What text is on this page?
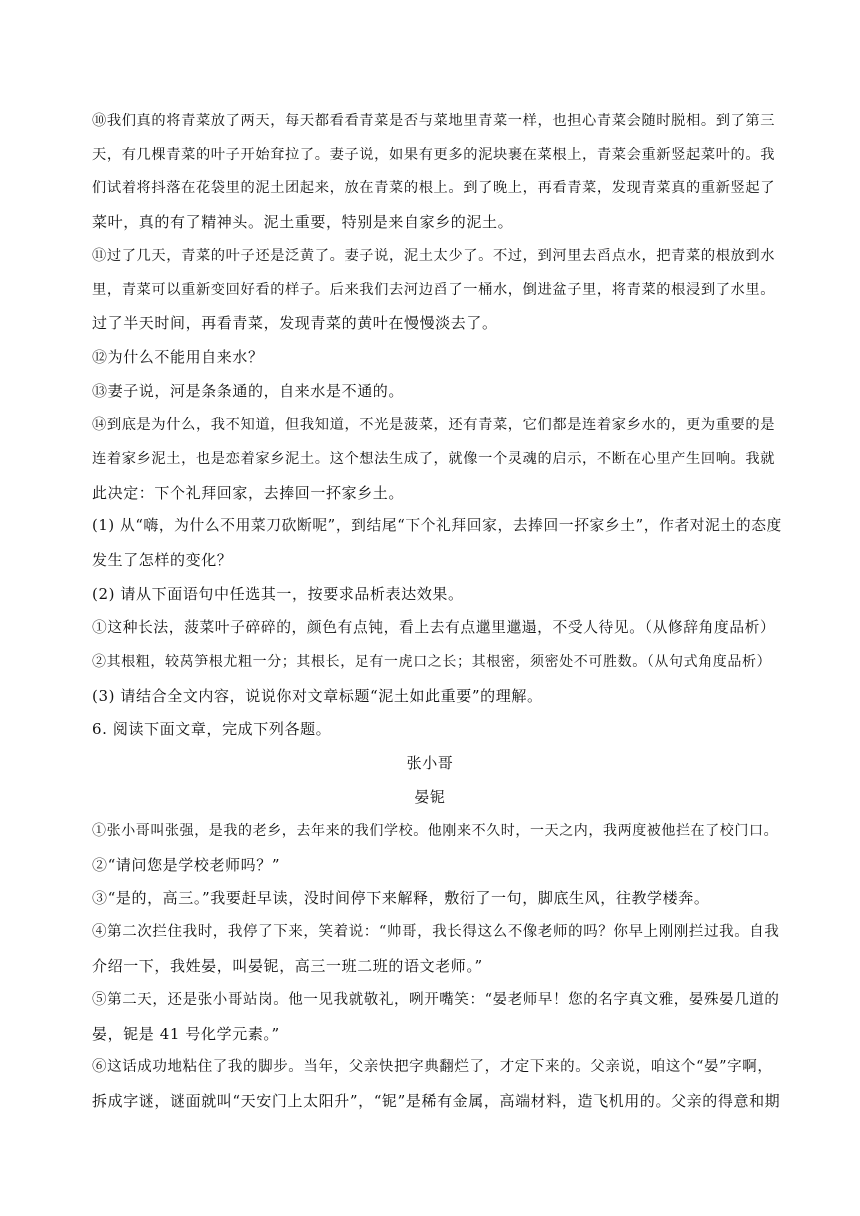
⑩我们真的将青菜放了两天，每天都看看青菜是否与菜地里青菜一样，也担心青菜会随时脱相。到了第三
天，有几棵青菜的叶子开始耷拉了。妻子说，如果有更多的泥块裹在菜根上，青菜会重新竖起菜叶的。我
们试着将抖落在花袋里的泥土团起来，放在青菜的根上。到了晚上，再看青菜，发现青菜真的重新竖起了
菜叶，真的有了精神头。泥土重要，特别是来自家乡的泥土。
⑪过了几天，青菜的叶子还是泛黄了。妻子说，泥土太少了。不过，到河里去舀点水，把青菜的根放到水
里，青菜可以重新变回好看的样子。后来我们去河边舀了一桶水，倒进盆子里，将青菜的根浸到了水里。
过了半天时间，再看青菜，发现青菜的黄叶在慢慢淡去了。
⑫为什么不能用自来水？
⑬妻子说，河是条条通的，自来水是不通的。
⑭到底是为什么，我不知道，但我知道，不光是菠菜，还有青菜，它们都是连着家乡水的，更为重要的是
连着家乡泥土，也是恋着家乡泥土。这个想法生成了，就像一个灵魂的启示，不断在心里产生回响。我就
此决定：下个礼拜回家，去捧回一抔家乡土。
(1) 从“嗨，为什么不用菜刀砍断呢”，到结尾“下个礼拜回家，去捧回一抔家乡土”，作者对泥土的态度
发生了怎样的变化？
(2) 请从下面语句中任选其一，按要求品析表达效果。
①这种长法，菠菜叶子碎碎的，颜色有点钝，看上去有点邋里邋遢，不受人待见。（从修辞角度品析）
②其根粗，较莴笋根尤粗一分；其根长，足有一虎口之长；其根密，须密处不可胜数。（从句式角度品析）
(3) 请结合全文内容，说说你对文章标题“泥土如此重要”的理解。
6. 阅读下面文章，完成下列各题。
张小哥
晏铌
①张小哥叫张强，是我的老乡，去年来的我们学校。他刚来不久时，一天之内，我两度被他拦在了校门口。
②“请问您是学校老师吗？”
③“是的，高三。”我要赶早读，没时间停下来解释，敷衍了一句，脚底生风，往教学楼奔。
④第二次拦住我时，我停了下来，笑着说：“帅哥，我长得这么不像老师的吗？你早上刚刚拦过我。自我
介绍一下，我姓晏，叫晏铌，高三一班二班的语文老师。”
⑤第二天，还是张小哥站岗。他一见我就敬礼，咧开嘴笑：“晏老师早！您的名字真文雅，晏殊晏几道的
晏，铌是 41 号化学元素。”
⑥这话成功地粘住了我的脚步。当年，父亲快把字典翻烂了，才定下来的。父亲说，咱这个“晏”字啊，
拆成字谜，谜面就叫“天安门上太阳升”，“铌”是稀有金属，高端材料，造飞机用的。父亲的得意和期
